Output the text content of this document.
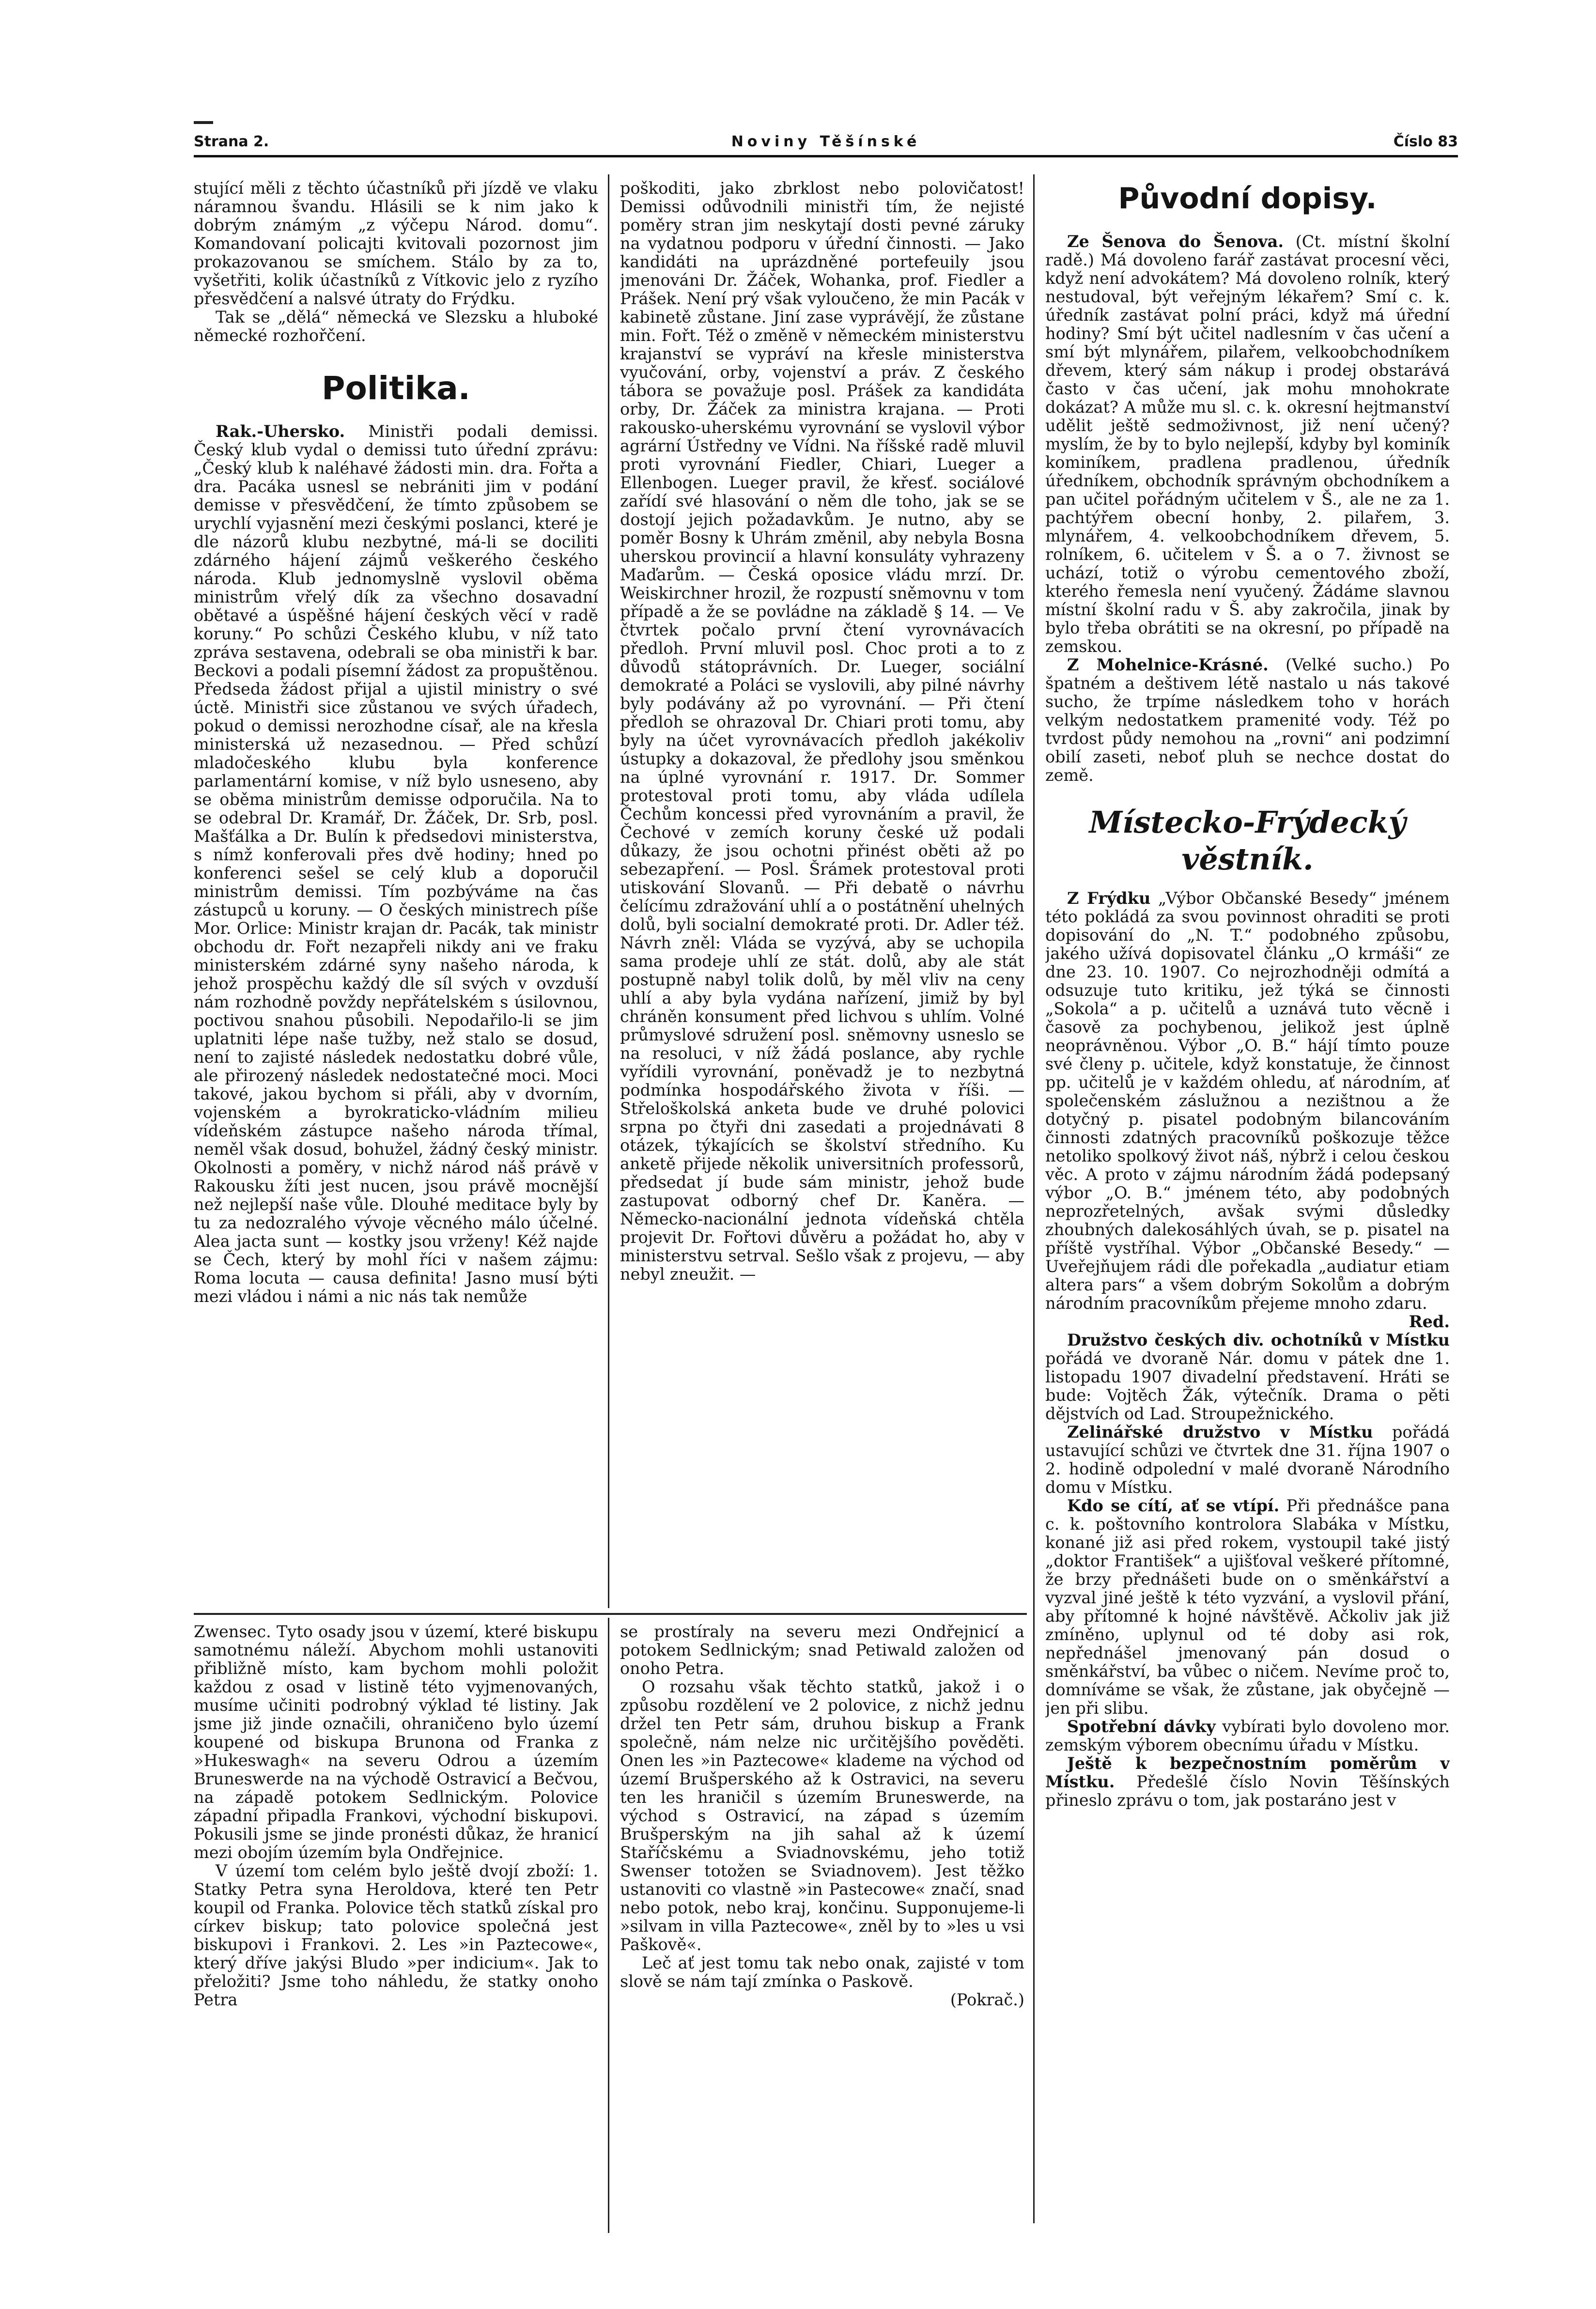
Strana 2.	Noviny Těšínské	Číslo 83

stující měli z těchto účastníků při jízdě ve vlaku náramnou švandu. Hlásili se k nim jako k dobrým známým „z výčepu Národ. domu“. Komandovaní policajti kvitovali pozornost jim prokazovanou se smíchem. Stálo by za to, vyšetřiti, kolik účastníků z Vítkovic jelo z ryzího přesvědčení a nalsvé útraty do Frýdku.

Tak se „dělá“ německá ve Slezsku a hluboké německé rozhořčení.

Politika.

Rak.-Uhersko. Ministři podali demissi. Český klub vydal o demissi tuto úřední zprávu: „Český klub k naléhavé žádosti min. dra. Fořta a dra. Pacáka usnesl se nebrániti jim v podání demisse v přesvědčení, že tímto způsobem se urychlí vyjasnění mezi českými poslanci, které je dle názorů klubu nezbytné, má-li se dociliti zdárného hájení zájmů veškerého českého národa. Klub jednomyslně vyslovil oběma ministrům vřelý dík za všechno dosavadní obětavé a úspěšné hájení českých věcí v radě koruny.“ Po schůzi Českého klubu, v níž tato zpráva sestavena, odebrali se oba ministři k bar. Beckovi a podali písemní žádost za propuštěnou. Předseda žádost přijal a ujistil ministry o své úctě. Ministři sice zůstanou ve svých úřadech, pokud o demissi nerozhodne císař, ale na křesla ministerská už nezasednou. — Před schůzí mladočeského klubu byla konference parlamentární komise, v níž bylo usneseno, aby se oběma ministrům demisse odporučila. Na to se odebral Dr. Kramář, Dr. Žáček, Dr. Srb, posl. Mašťálka a Dr. Bulín k předsedovi ministerstva, s nímž konferovali přes dvě hodiny; hned po konferenci sešel se celý klub a doporučil ministrům demissi. Tím pozbýváme na čas zástupců u koruny. — O českých ministrech píše Mor. Orlice: Ministr krajan dr. Pacák, tak ministr obchodu dr. Fořt nezapřeli nikdy ani ve fraku ministerském zdárné syny našeho národa, k jehož prospěchu každý dle síl svých v ovzduší nám rozhodně povždy nepřátelském s úsilovnou, poctivou snahou působili. Nepodařilo-li se jim uplatniti lépe naše tužby, než stalo se dosud, není to zajisté následek nedostatku dobré vůle, ale přirozený následek nedostatečné moci. Moci takové, jakou bychom si přáli, aby v dvorním, vojenském a byrokraticko-vládním milieu vídeňském zástupce našeho národa třímal, neměl však dosud, bohužel, žádný český ministr. Okolnosti a poměry, v nichž národ náš právě v Rakousku žíti jest nucen, jsou právě mocnější než nejlepší naše vůle. Dlouhé meditace byly by tu za nedozralého vývoje věcného málo účelné. Alea jacta sunt — kostky jsou vrženy! Kéž najde se Čech, který by mohl říci v našem zájmu: Roma locuta — causa definita! Jasno musí býti mezi vládou i námi a nic nás tak nemůže

poškoditi, jako zbrklost nebo polovičatost! Demissi odůvodnili ministři tím, že nejisté poměry stran jim neskytají dosti pevné záruky na vydatnou podporu v úřední činnosti. — Jako kandidáti na uprázdněné portefeuily jsou jmenováni Dr. Žáček, Wohanka, prof. Fiedler a Prášek. Není prý však vyloučeno, že min Pacák v kabinetě zůstane. Jiní zase vyprávějí, že zůstane min. Fořt. Též o změně v německém ministerstvu krajanství se vypráví na křesle ministerstva vyučování, orby, vojenství a práv. Z českého tábora se považuje posl. Prášek za kandidáta orby, Dr. Žáček za ministra krajana. — Proti rakousko-uherskému vyrovnání se vyslovil výbor agrární Ústředny ve Vídni. Na říšské radě mluvil proti vyrovnání Fiedler, Chiari, Lueger a Ellenbogen. Lueger pravil, že křesť. sociálové zařídí své hlasování o něm dle toho, jak se se dostojí jejich požadavkům. Je nutno, aby se poměr Bosny k Uhrám změnil, aby nebyla Bosna uherskou provincií a hlavní konsuláty vyhrazeny Maďarům. — Česká oposice vládu mrzí. Dr. Weiskirchner hrozil, že rozpustí sněmovnu v tom případě a že se povládne na základě § 14. — Ve čtvrtek počalo první čtení vyrovnávacích předloh. První mluvil posl. Choc proti a to z důvodů státoprávních. Dr. Lueger, sociální demokraté a Poláci se vyslovili, aby pilné návrhy byly podávány až po vyrovnání. — Při čtení předloh se ohrazoval Dr. Chiari proti tomu, aby byly na účet vyrovnávacích předloh jakékoliv ústupky a dokazoval, že předlohy jsou směnkou na úplné vyrovnání r. 1917. Dr. Sommer protestoval proti tomu, aby vláda udílela Čechům koncessi před vyrovnáním a pravil, že Čechové v zemích koruny české už podali důkazy, že jsou ochotni přinést oběti až po sebezapření. — Posl. Šrámek protestoval proti utiskování Slovanů. — Při debatě o návrhu čelícímu zdražování uhlí a o postátnění uhelných dolů, byli socialní demokraté proti. Dr. Adler též. Návrh zněl: Vláda se vyzývá, aby se uchopila sama prodeje uhlí ze stát. dolů, aby ale stát postupně nabyl tolik dolů, by měl vliv na ceny uhlí a aby byla vydána nařízení, jimiž by byl chráněn konsument před lichvou s uhlím. Volné průmyslové sdružení posl. sněmovny usneslo se na resoluci, v níž žádá poslance, aby rychle vyřídili vyrovnání, poněvadž je to nezbytná podmínka hospodářského života v říši. — Střeloškolská anketa bude ve druhé polovici srpna po čtyři dni zasedati a projednávati 8 otázek, týkajících se školství středního. Ku anketě přijede několik universitních professorů, předsedat jí bude sám ministr, jehož bude zastupovat odborný chef Dr. Kaněra. — Německo-nacionální jednota vídeňská chtěla projevit Dr. Fořtovi důvěru a požádat ho, aby v ministerstvu setrval. Sešlo však z projevu, — aby nebyl zneužit. —

Původní dopisy.

Ze Šenova do Šenova. (Ct. místní školní radě.) Má dovoleno farář zastávat procesní věci, když není advokátem? Má dovoleno rolník, který nestudoval, být veřejným lékařem? Smí c. k. úředník zastávat polní práci, když má úřední hodiny? Smí být učitel nadlesním v čas učení a smí být mlynářem, pilařem, velkoobchodníkem dřevem, který sám nákup i prodej obstarává často v čas učení, jak mohu mnohokrate dokázat? A může mu sl. c. k. okresní hejtmanství udělit ještě sedmoživnost, již není učený? myslím, že by to bylo nejlepší, kdyby byl kominík kominíkem, pradlena pradlenou, úředník úředníkem, obchodník správným obchodníkem a pan učitel pořádným učitelem v Š., ale ne za 1. pachtýřem obecní honby, 2. pilařem, 3. mlynářem, 4. velkoobchodníkem dřevem, 5. rolníkem, 6. učitelem v Š. a o 7. živnost se uchází, totiž o výrobu cementového zboží, kterého řemesla není vyučený. Žádáme slavnou místní školní radu v Š. aby zakročila, jinak by bylo třeba obrátiti se na okresní, po případě na zemskou.

Z Mohelnice-Krásné. (Velké sucho.) Po špatném a deštivem létě nastalo u nás takové sucho, že trpíme následkem toho v horách velkým nedostatkem pramenité vody. Též po tvrdost půdy nemohou na „rovni“ ani podzimní obilí zaseti, neboť pluh se nechce dostat do země.

Místecko-Frýdecký věstník.

Z Frýdku „Výbor Občanské Besedy“ jménem této pokládá za svou povinnost ohraditi se proti dopisování do „N. T.“ podobného způsobu, jakého užívá dopisovatel článku „O krmáši“ ze dne 23. 10. 1907. Co nejrozhodněji odmítá a odsuzuje tuto kritiku, jež týká se činnosti „Sokola“ a p. učitelů a uznává tuto věcně i časově za pochybenou, jelikož jest úplně neoprávněnou. Výbor „O. B.“ hájí tímto pouze své členy p. učitele, když konstatuje, že činnost pp. učitelů je v každém ohledu, ať národním, ať společenském záslužnou a nezištnou a že dotyčný p. pisatel podobným bilancováním činnosti zdatných pracovníků poškozuje těžce netoliko spolkový život náš, nýbrž i celou českou věc. A proto v zájmu národním žádá podepsaný výbor „O. B.“ jménem této, aby podobných neprozřetelných, avšak svými důsledky zhoubných dalekosáhlých úvah, se p. pisatel na příště vystříhal. Výbor „Občanské Besedy.“ — Uveřejňujem rádi dle pořekadla „audiatur etiam altera pars“ a všem dobrým Sokolům a dobrým národním pracovníkům přejeme mnoho zdaru.

Red.

Družstvo českých div. ochotníků v Místku pořádá ve dvoraně Nár. domu v pátek dne 1. listopadu 1907 divadelní představení. Hráti se bude: Vojtěch Žák, výtečník. Drama o pěti dějstvích od Lad. Stroupežnického.

Zelinářské družstvo v Místku pořádá ustavující schůzi ve čtvrtek dne 31. října 1907 o 2. hodině odpolední v malé dvoraně Národního domu v Místku.

Kdo se cítí, ať se vtípí. Při přednášce pana c. k. poštovního kontrolora Slabáka v Místku, konané již asi před rokem, vystoupil také jistý „doktor František“ a ujišťoval veškeré přítomné, že brzy přednášeti bude on o směnkářství a vyzval jiné ještě k této vyzvání, a vyslovil přání, aby přítomné k hojné návštěvě. Ačkoliv jak již zmíněno, uplynul od té doby asi rok, nepřednášel jmenovaný pán dosud o směnkářství, ba vůbec o ničem. Nevíme proč to, domníváme se však, že zůstane, jak obyčejně — jen při slibu.

Spotřební dávky vybírati bylo dovoleno mor. zemským výborem obecnímu úřadu v Místku.

Ještě k bezpečnostním poměrům v Místku. Předešlé číslo Novin Těšínských přineslo zprávu o tom, jak postaráno jest v

Zwensec. Tyto osady jsou v území, které biskupu samotnému náleží. Abychom mohli ustanoviti přibližně místo, kam bychom mohli položit každou z osad v listině této vyjmenovaných, musíme učiniti podrobný výklad té listiny. Jak jsme již jinde označili, ohraničeno bylo území koupené od biskupa Brunona od Franka z »Hukeswagh« na severu Odrou a územím Bruneswerde na na východě Ostravicí a Bečvou, na západě potokem Sedlnickým. Polovice západní připadla Frankovi, východní biskupovi. Pokusili jsme se jinde pronésti důkaz, že hranicí mezi obojím územím byla Ondřejnice.

V území tom celém bylo ještě dvojí zboží: 1. Statky Petra syna Heroldova, které ten Petr koupil od Franka. Polovice těch statků získal pro církev biskup; tato polovice společná jest biskupovi i Frankovi. 2. Les »in Paztecowe«, který dříve jakýsi Bludo »per indicium«. Jak to přeložiti? Jsme toho náhledu, že statky onoho Petra

se prostíraly na severu mezi Ondřejnicí a potokem Sedlnickým; snad Petiwald založen od onoho Petra.

O rozsahu však těchto statků, jakož i o způsobu rozdělení ve 2 polovice, z nichž jednu držel ten Petr sám, druhou biskup a Frank společně, nám nelze nic určitějšího pověděti. Onen les »in Paztecowe« klademe na východ od území Brušperského až k Ostravici, na severu ten les hraničil s územím Bruneswerde, na východ s Ostravicí, na západ s územím Brušperským na jih sahal až k území Staříčskému a Sviadnovskému, jeho totiž Swenser totožen se Sviadnovem). Jest těžko ustanoviti co vlastně »in Pastecowe« značí, snad nebo potok, nebo kraj, končinu. Supponujeme-li »silvam in villa Paztecowe«, zněl by to »les u vsi Paškově«.

Leč ať jest tomu tak nebo onak, zajisté v tom slově se nám tají zmínka o Paskově.

(Pokrač.)
